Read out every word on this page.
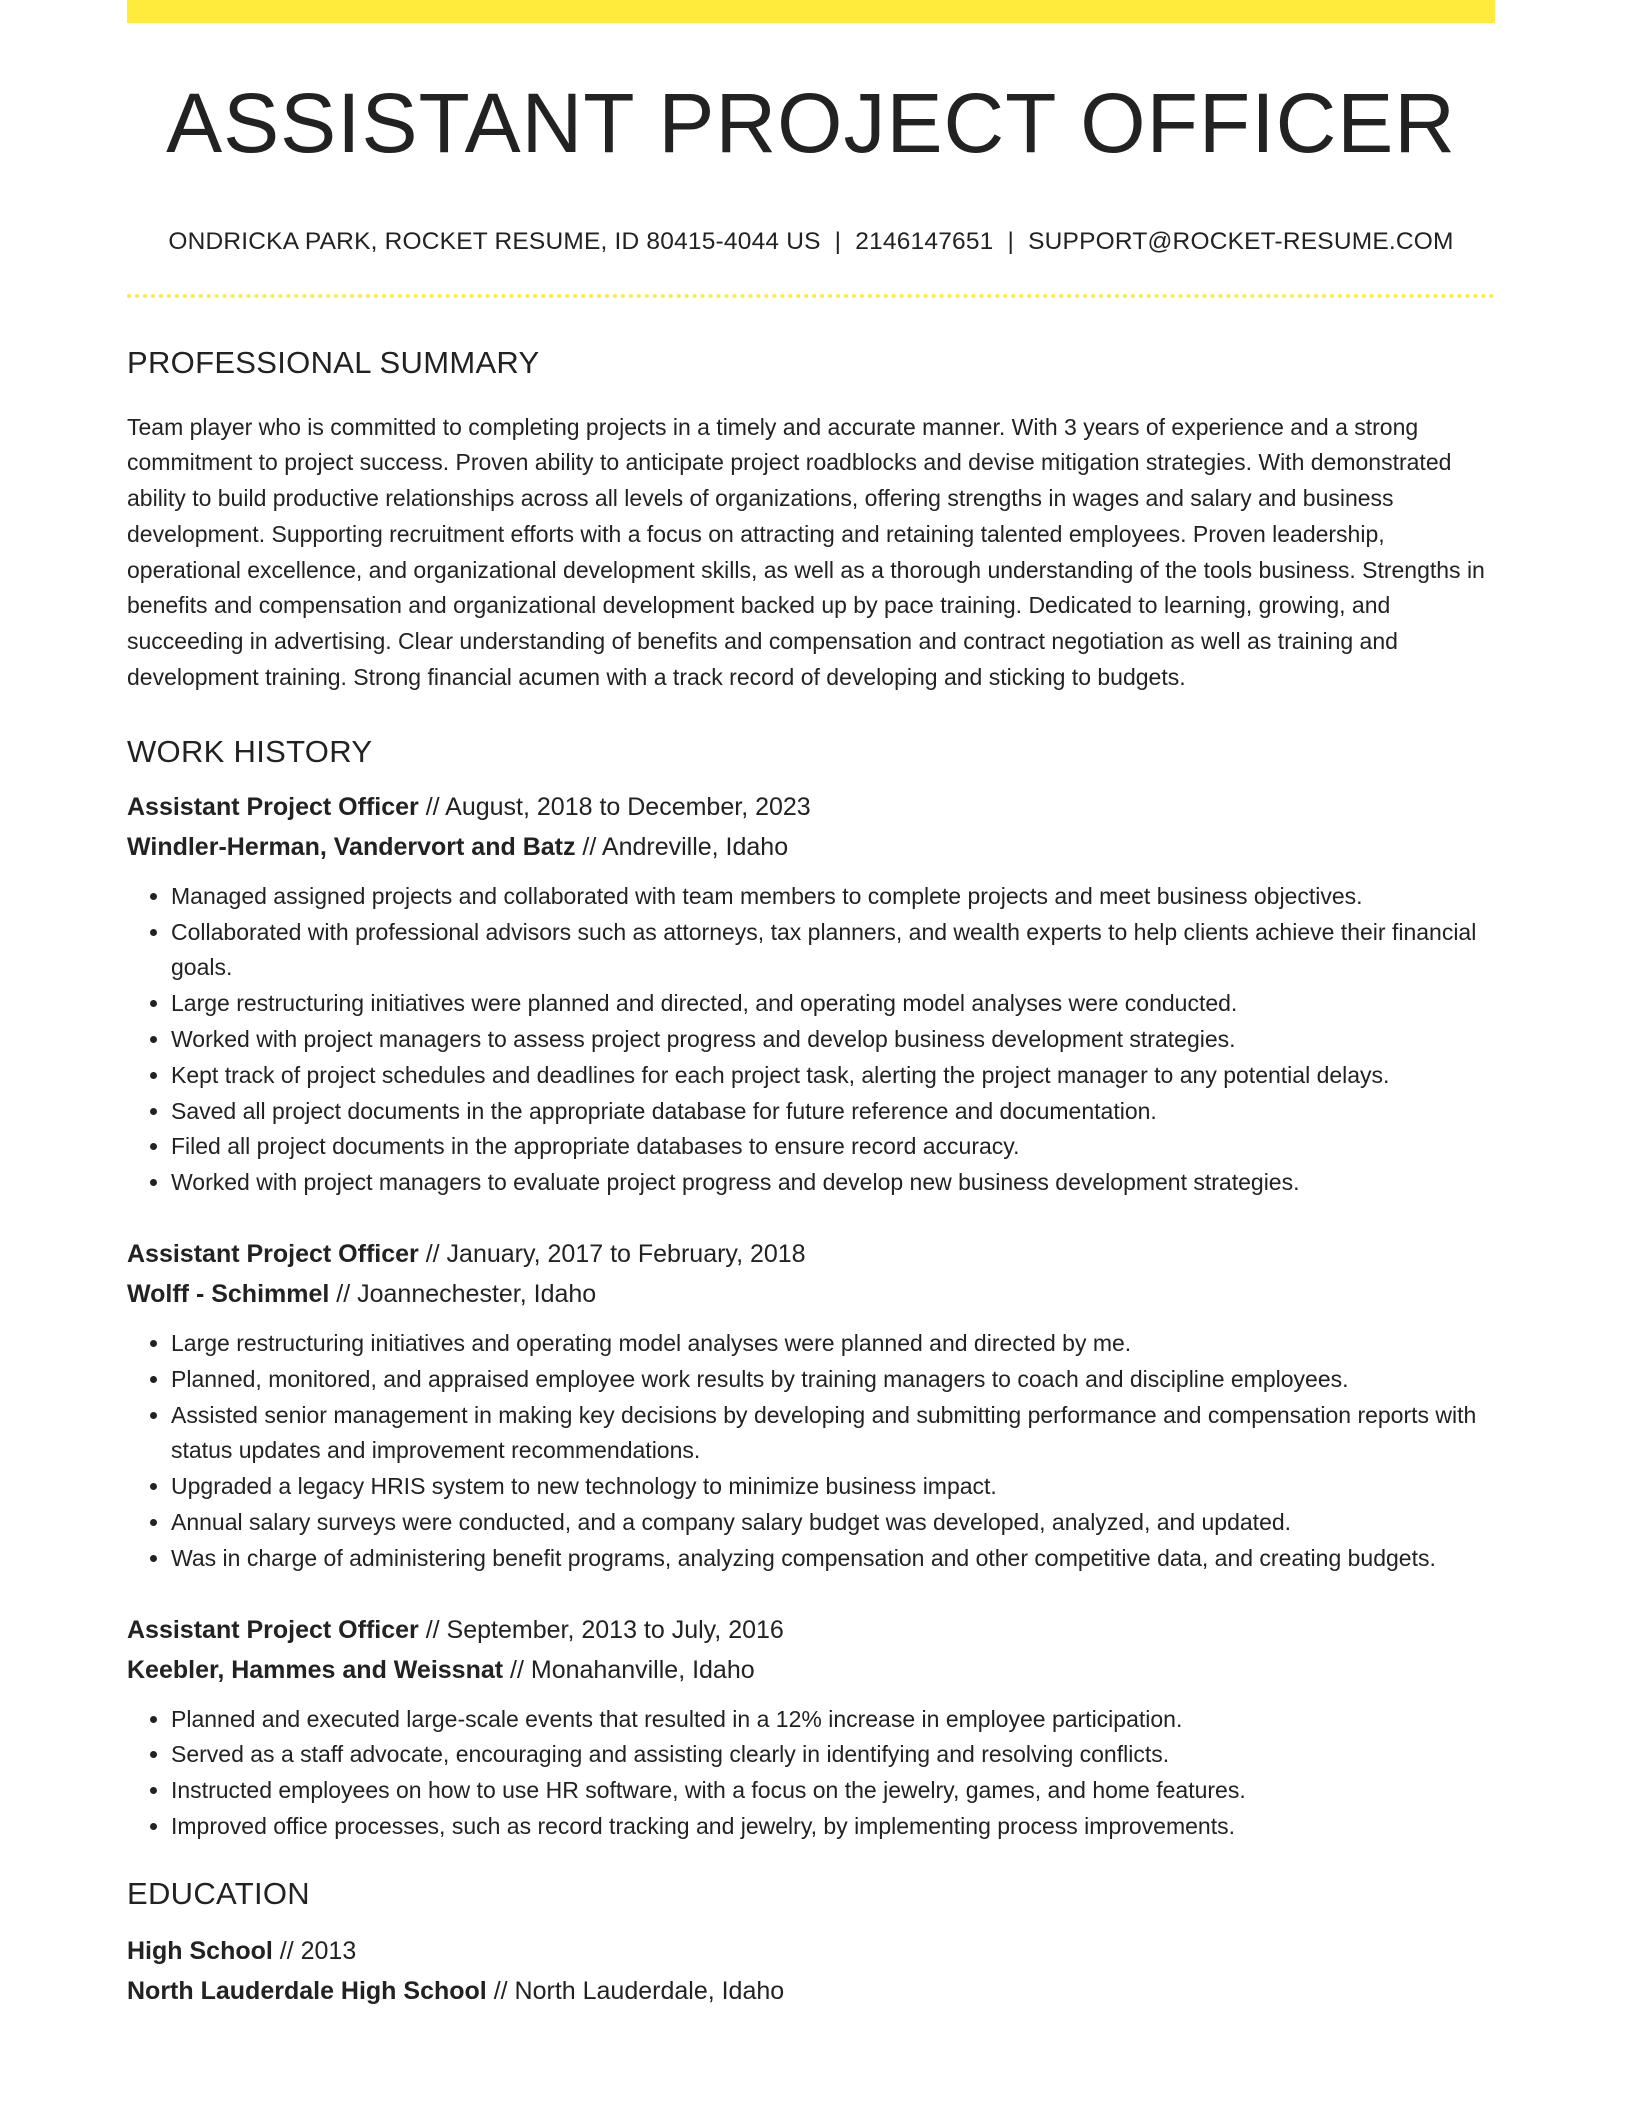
ASSISTANT PROJECT OFFICER
ONDRICKA PARK, ROCKET RESUME, ID 80415-4044 US | 2146147651 | SUPPORT@ROCKET-RESUME.COM
PROFESSIONAL SUMMARY
Team player who is committed to completing projects in a timely and accurate manner. With 3 years of experience and a strong commitment to project success. Proven ability to anticipate project roadblocks and devise mitigation strategies. With demonstrated ability to build productive relationships across all levels of organizations, offering strengths in wages and salary and business development. Supporting recruitment efforts with a focus on attracting and retaining talented employees. Proven leadership, operational excellence, and organizational development skills, as well as a thorough understanding of the tools business. Strengths in benefits and compensation and organizational development backed up by pace training. Dedicated to learning, growing, and succeeding in advertising. Clear understanding of benefits and compensation and contract negotiation as well as training and development training. Strong financial acumen with a track record of developing and sticking to budgets.
WORK HISTORY
Assistant Project Officer // August, 2018 to December, 2023
Windler-Herman, Vandervort and Batz // Andreville, Idaho
• Managed assigned projects and collaborated with team members to complete projects and meet business objectives.
• Collaborated with professional advisors such as attorneys, tax planners, and wealth experts to help clients achieve their financial goals.
• Large restructuring initiatives were planned and directed, and operating model analyses were conducted.
• Worked with project managers to assess project progress and develop business development strategies.
• Kept track of project schedules and deadlines for each project task, alerting the project manager to any potential delays.
• Saved all project documents in the appropriate database for future reference and documentation.
• Filed all project documents in the appropriate databases to ensure record accuracy.
• Worked with project managers to evaluate project progress and develop new business development strategies.
Assistant Project Officer // January, 2017 to February, 2018
Wolff - Schimmel // Joannechester, Idaho
• Large restructuring initiatives and operating model analyses were planned and directed by me.
• Planned, monitored, and appraised employee work results by training managers to coach and discipline employees.
• Assisted senior management in making key decisions by developing and submitting performance and compensation reports with status updates and improvement recommendations.
• Upgraded a legacy HRIS system to new technology to minimize business impact.
• Annual salary surveys were conducted, and a company salary budget was developed, analyzed, and updated.
• Was in charge of administering benefit programs, analyzing compensation and other competitive data, and creating budgets.
Assistant Project Officer // September, 2013 to July, 2016
Keebler, Hammes and Weissnat // Monahanville, Idaho
• Planned and executed large-scale events that resulted in a 12% increase in employee participation.
• Served as a staff advocate, encouraging and assisting clearly in identifying and resolving conflicts.
• Instructed employees on how to use HR software, with a focus on the jewelry, games, and home features.
• Improved office processes, such as record tracking and jewelry, by implementing process improvements.
EDUCATION
High School // 2013
North Lauderdale High School // North Lauderdale, Idaho
